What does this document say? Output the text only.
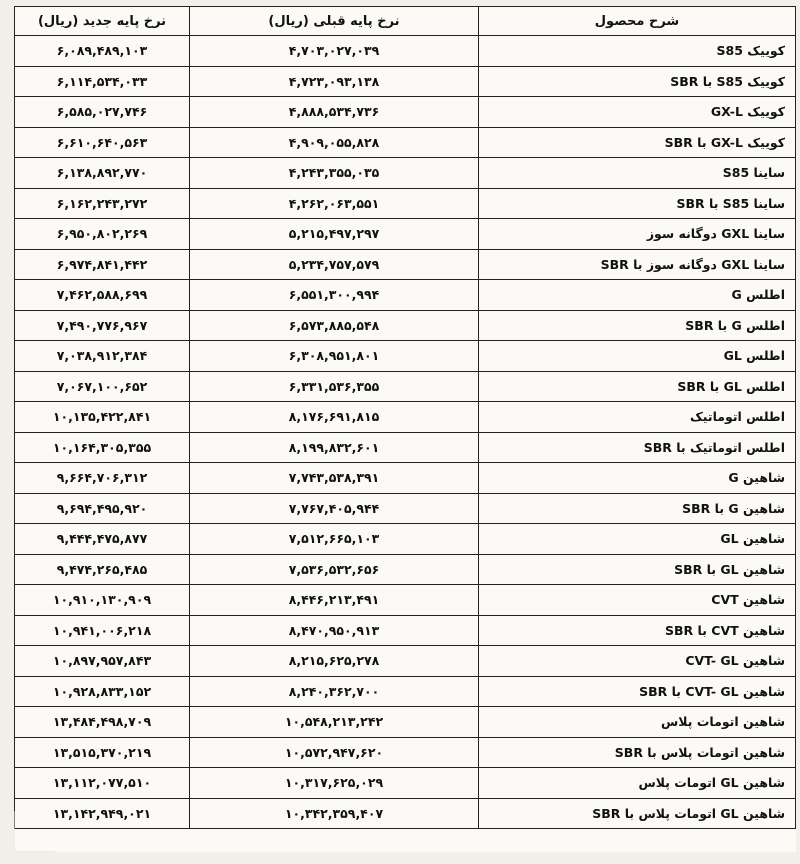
شرح محصول	نرخ پایه قبلی (ریال)	نرخ پایه جدید (ریال)
کوییک S85	۴,۷۰۳,۰۲۷,۰۳۹	۶,۰۸۹,۴۸۹,۱۰۳
کوییک S85 با SBR	۴,۷۲۳,۰۹۳,۱۳۸	۶,۱۱۴,۵۳۴,۰۳۳
کوییک GX-L	۴,۸۸۸,۵۳۴,۷۳۶	۶,۵۸۵,۰۲۷,۷۴۶
کوییک GX-L با SBR	۴,۹۰۹,۰۵۵,۸۲۸	۶,۶۱۰,۶۴۰,۵۶۳
ساینا S85	۴,۲۴۳,۳۵۵,۰۳۵	۶,۱۳۸,۸۹۲,۷۷۰
ساینا S85 با SBR	۴,۲۶۲,۰۶۳,۵۵۱	۶,۱۶۲,۲۴۳,۲۷۲
ساینا GXL دوگانه سوز	۵,۲۱۵,۴۹۷,۲۹۷	۶,۹۵۰,۸۰۲,۲۶۹
ساینا GXL دوگانه سوز با SBR	۵,۲۳۴,۷۵۷,۵۷۹	۶,۹۷۴,۸۴۱,۴۴۲
اطلس G	۶,۵۵۱,۳۰۰,۹۹۴	۷,۴۶۲,۵۸۸,۶۹۹
اطلس G با SBR	۶,۵۷۳,۸۸۵,۵۴۸	۷,۴۹۰,۷۷۶,۹۶۷
اطلس GL	۶,۳۰۸,۹۵۱,۸۰۱	۷,۰۳۸,۹۱۲,۳۸۴
اطلس GL با SBR	۶,۳۳۱,۵۳۶,۳۵۵	۷,۰۶۷,۱۰۰,۶۵۲
اطلس اتوماتیک	۸,۱۷۶,۶۹۱,۸۱۵	۱۰,۱۳۵,۴۲۲,۸۴۱
اطلس اتوماتیک با SBR	۸,۱۹۹,۸۳۲,۶۰۱	۱۰,۱۶۴,۳۰۵,۳۵۵
شاهین G	۷,۷۴۳,۵۳۸,۳۹۱	۹,۶۶۴,۷۰۶,۳۱۲
شاهین G با SBR	۷,۷۶۷,۴۰۵,۹۴۴	۹,۶۹۴,۴۹۵,۹۲۰
شاهین GL	۷,۵۱۲,۶۶۵,۱۰۳	۹,۴۴۴,۴۷۵,۸۷۷
شاهین GL با SBR	۷,۵۳۶,۵۳۲,۶۵۶	۹,۴۷۴,۲۶۵,۴۸۵
شاهین CVT	۸,۴۴۶,۲۱۳,۴۹۱	۱۰,۹۱۰,۱۳۰,۹۰۹
شاهین CVT با SBR	۸,۴۷۰,۹۵۰,۹۱۳	۱۰,۹۴۱,۰۰۶,۲۱۸
شاهین CVT- GL	۸,۲۱۵,۶۲۵,۲۷۸	۱۰,۸۹۷,۹۵۷,۸۴۳
شاهین CVT- GL با SBR	۸,۲۴۰,۳۶۲,۷۰۰	۱۰,۹۲۸,۸۳۳,۱۵۲
شاهین اتومات پلاس	۱۰,۵۴۸,۲۱۳,۲۴۲	۱۳,۴۸۴,۴۹۸,۷۰۹
شاهین اتومات پلاس با SBR	۱۰,۵۷۲,۹۴۷,۶۲۰	۱۳,۵۱۵,۳۷۰,۲۱۹
شاهین GL اتومات پلاس	۱۰,۳۱۷,۶۲۵,۰۲۹	۱۳,۱۱۲,۰۷۷,۵۱۰
شاهین GL اتومات پلاس با SBR	۱۰,۳۴۲,۳۵۹,۴۰۷	۱۳,۱۴۲,۹۴۹,۰۲۱
